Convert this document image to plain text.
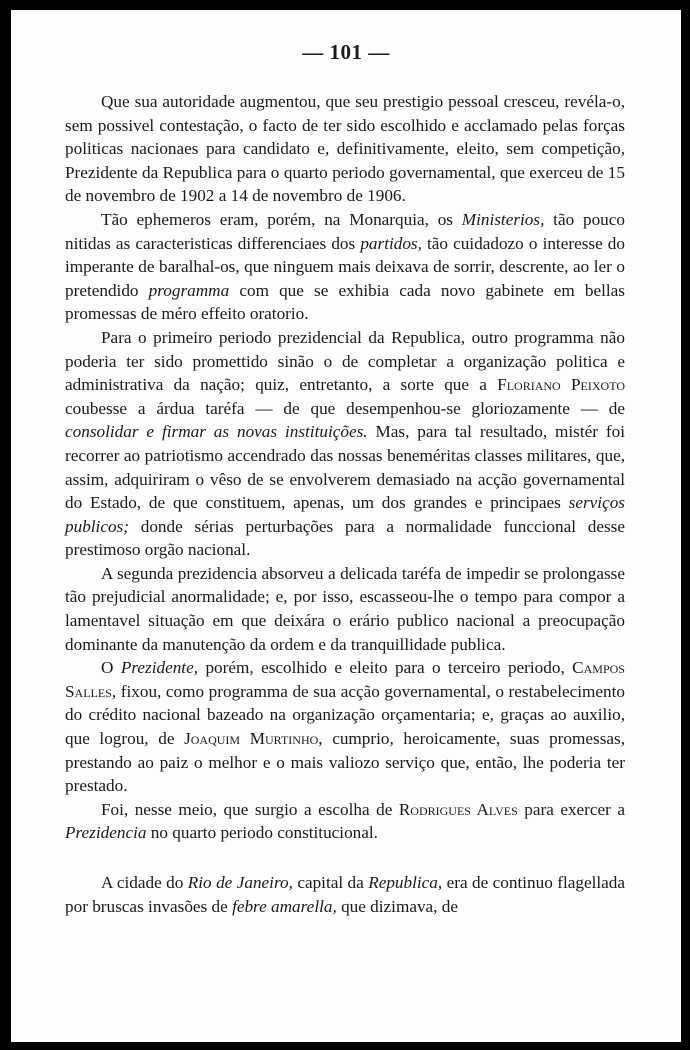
— 101 —

Que sua autoridade augmentou, que seu prestigio pessoal cresceu, revéla-o, sem possivel contestação, o facto de ter sido escolhido e acclamado pelas forças politicas nacionaes para candidato e, definitivamente, eleito, sem competição, Prezidente da Republica para o quarto periodo governamental, que exerceu de 15 de novembro de 1902 a 14 de novembro de 1906.

Tão ephemeros eram, porém, na Monarquia, os Ministerios, tão pouco nitidas as caracteristicas differenciaes dos partidos, tão cuidadozo o interesse do imperante de baralhal-os, que ninguem mais deixava de sorrir, descrente, ao ler o pretendido programma com que se exhibia cada novo gabinete em bellas promessas de méro effeito oratorio.

Para o primeiro periodo prezidencial da Republica, outro programma não poderia ter sido promettido sinão o de completar a organização politica e administrativa da nação; quiz, entretanto, a sorte que a Floriano Peixoto coubesse a árdua taréfa — de que desempenhou-se gloriozamente — de consolidar e firmar as novas instituições. Mas, para tal resultado, mistér foi recorrer ao patriotismo accendrado das nossas beneméritas classes militares, que, assim, adquiriram o vêso de se envolverem demasiado na acção governamental do Estado, de que constituem, apenas, um dos grandes e principaes serviços publicos; donde sérias perturbações para a normalidade funccional desse prestimoso orgão nacional.

A segunda prezidencia absorveu a delicada taréfa de impedir se prolongasse tão prejudicial anormalidade; e, por isso, escasseou-lhe o tempo para compor a lamentavel situação em que deixára o erário publico nacional a preocupação dominante da manutenção da ordem e da tranquillidade publica.

O Prezidente, porém, escolhido e eleito para o terceiro periodo, Campos Salles, fixou, como programma de sua acção governamental, o restabelecimento do crédito nacional bazeado na organização orçamentaria; e, graças ao auxilio, que logrou, de Joaquim Murtinho, cumprio, heroicamente, suas promessas, prestando ao paiz o melhor e o mais valiozo serviço que, então, lhe poderia ter prestado.

Foi, nesse meio, que surgio a escolha de Rodrigues Alves para exercer a Prezidencia no quarto periodo constitucional.

A cidade do Rio de Janeiro, capital da Republica, era de continuo flagellada por bruscas invasões de febre amarella, que dizimava, de
